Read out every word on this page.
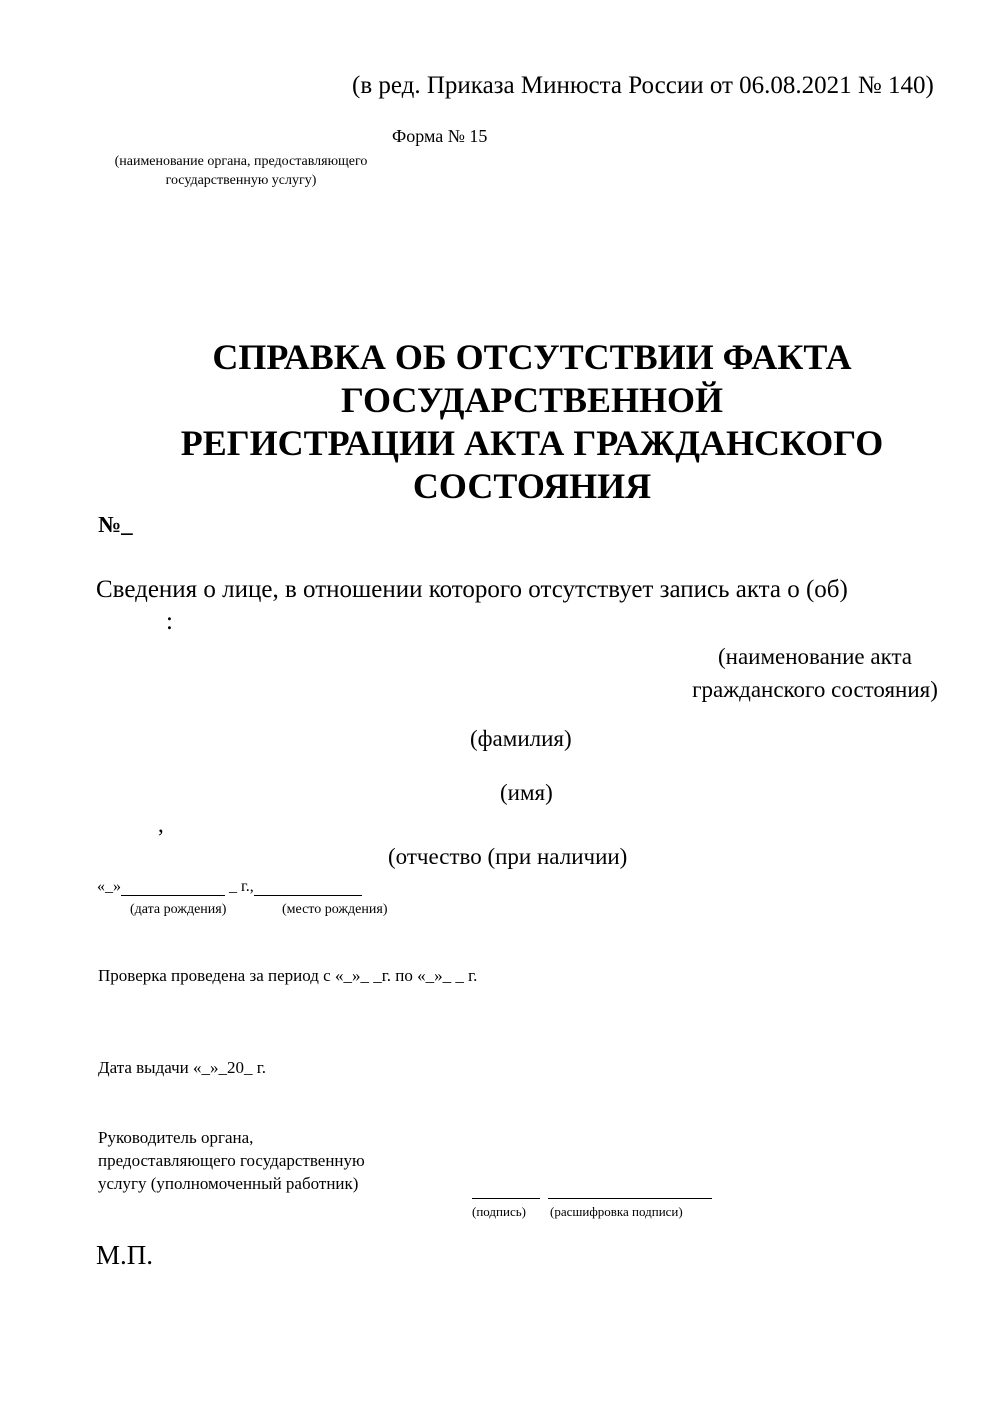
(в ред. Приказа Минюста России от 06.08.2021 № 140)
Форма № 15
(наименование органа, предоставляющего государственную услугу)
СПРАВКА ОБ ОТСУТСТВИИ ФАКТА
ГОСУДАРСТВЕННОЙ
РЕГИСТРАЦИИ АКТА ГРАЖДАНСКОГО
СОСТОЯНИЯ
№_
Сведения о лице, в отношении которого отсутствует запись акта о (об)
:
(наименование акта
гражданского состояния)
(фамилия)
(имя)
,
(отчество (при наличии)
«_»	_ г.,
(дата рождения)	(место рождения)
Проверка проведена за период с «_»_ _г. по «_»_ _ г.
Дата выдачи «_»_20_ г.
Руководитель органа,
предоставляющего государственную
услугу (уполномоченный работник)
(подпись) (расшифровка подписи)
М.П.
